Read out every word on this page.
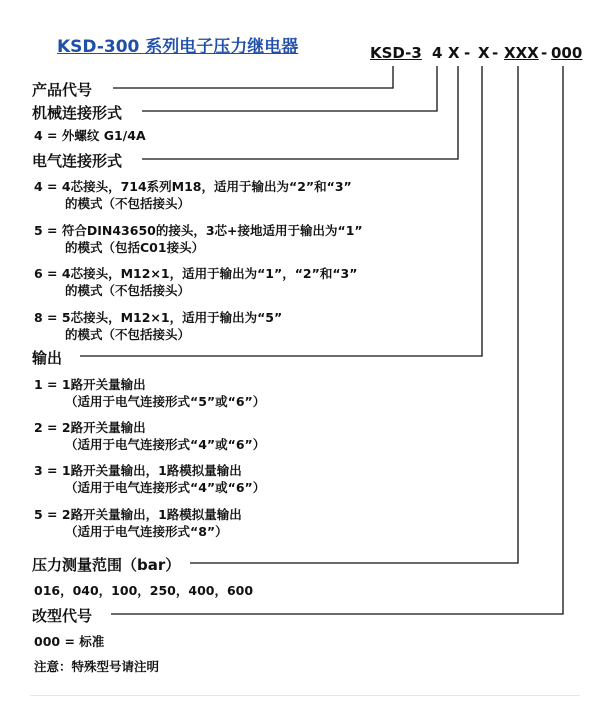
KSD-300 系列电子压力继电器	KSD-3 4 X - X - XXX - 000
产品代号
机械连接形式
4 = 外螺纹 G1/4A
电气连接形式
4 = 4芯接头，714系列M18，适用于输出为“2”和“3”
的模式（不包括接头）
5 = 符合DIN43650的接头，3芯+接地适用于输出为“1”
的模式（包括C01接头）
6 = 4芯接头，M12×1，适用于输出为“1”，“2”和“3”
的模式（不包括接头）
8 = 5芯接头，M12×1，适用于输出为“5”
的模式（不包括接头）
输出
1 = 1路开关量输出
（适用于电气连接形式“5”或“6”）
2 = 2路开关量输出
（适用于电气连接形式“4”或“6”）
3 = 1路开关量输出，1路模拟量输出
（适用于电气连接形式“4”或“6”）
5 = 2路开关量输出，1路模拟量输出
（适用于电气连接形式“8”）
压力测量范围（bar）
016，040，100，250，400，600
改型代号
000 = 标准
注意：特殊型号请注明
